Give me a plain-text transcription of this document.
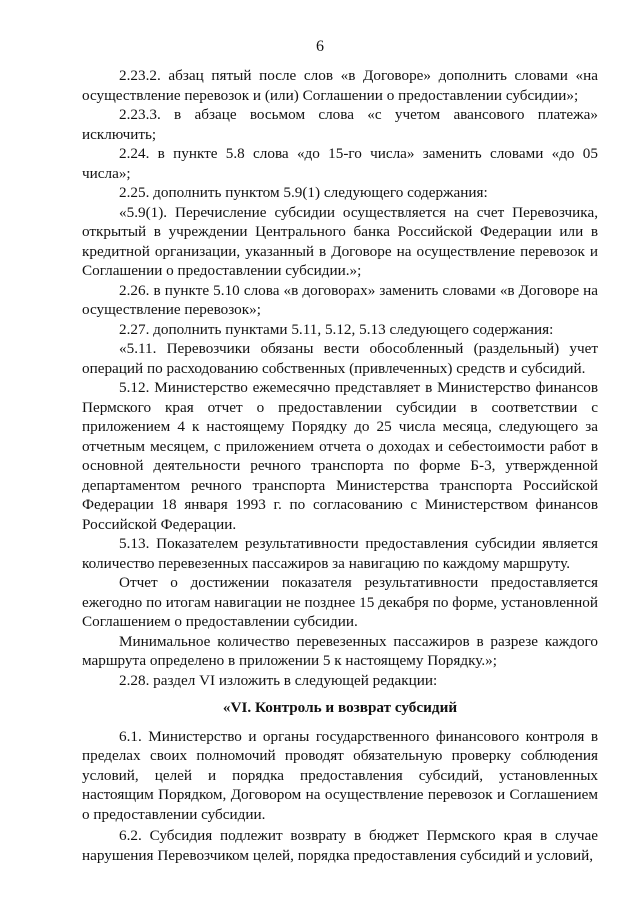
6

2.23.2. абзац пятый после слов «в Договоре» дополнить словами «на осуществление перевозок и (или) Соглашении о предоставлении субсидии»;

2.23.3. в абзаце восьмом слова «с учетом авансового платежа» исключить;

2.24. в пункте 5.8 слова «до 15-го числа» заменить словами «до 05 числа»;

2.25. дополнить пунктом 5.9(1) следующего содержания:

«5.9(1). Перечисление субсидии осуществляется на счет Перевозчика, открытый в учреждении Центрального банка Российской Федерации или в кредитной организации, указанный в Договоре на осуществление перевозок и Соглашении о предоставлении субсидии.»;

2.26. в пункте 5.10 слова «в договорах» заменить словами «в Договоре на осуществление перевозок»;

2.27. дополнить пунктами 5.11, 5.12, 5.13 следующего содержания:

«5.11. Перевозчики обязаны вести обособленный (раздельный) учет операций по расходованию собственных (привлеченных) средств и субсидий.

5.12. Министерство ежемесячно представляет в Министерство финансов Пермского края отчет о предоставлении субсидии в соответствии с приложением 4 к настоящему Порядку до 25 числа месяца, следующего за отчетным месяцем, с приложением отчета о доходах и себестоимости работ в основной деятельности речного транспорта по форме Б-3, утвержденной департаментом речного транспорта Министерства транспорта Российской Федерации 18 января 1993 г. по согласованию с Министерством финансов Российской Федерации.

5.13. Показателем результативности предоставления субсидии является количество перевезенных пассажиров за навигацию по каждому маршруту.

Отчет о достижении показателя результативности предоставляется ежегодно по итогам навигации не позднее 15 декабря по форме, установленной Соглашением о предоставлении субсидии.

Минимальное количество перевезенных пассажиров в разрезе каждого маршрута определено в приложении 5 к настоящему Порядку.»;

2.28. раздел VI изложить в следующей редакции:

«VI. Контроль и возврат субсидий

6.1. Министерство и органы государственного финансового контроля в пределах своих полномочий проводят обязательную проверку соблюдения условий, целей и порядка предоставления субсидий, установленных настоящим Порядком, Договором на осуществление перевозок и Соглашением о предоставлении субсидии.

6.2. Субсидия подлежит возврату в бюджет Пермского края в случае нарушения Перевозчиком целей, порядка предоставления субсидий и условий,
